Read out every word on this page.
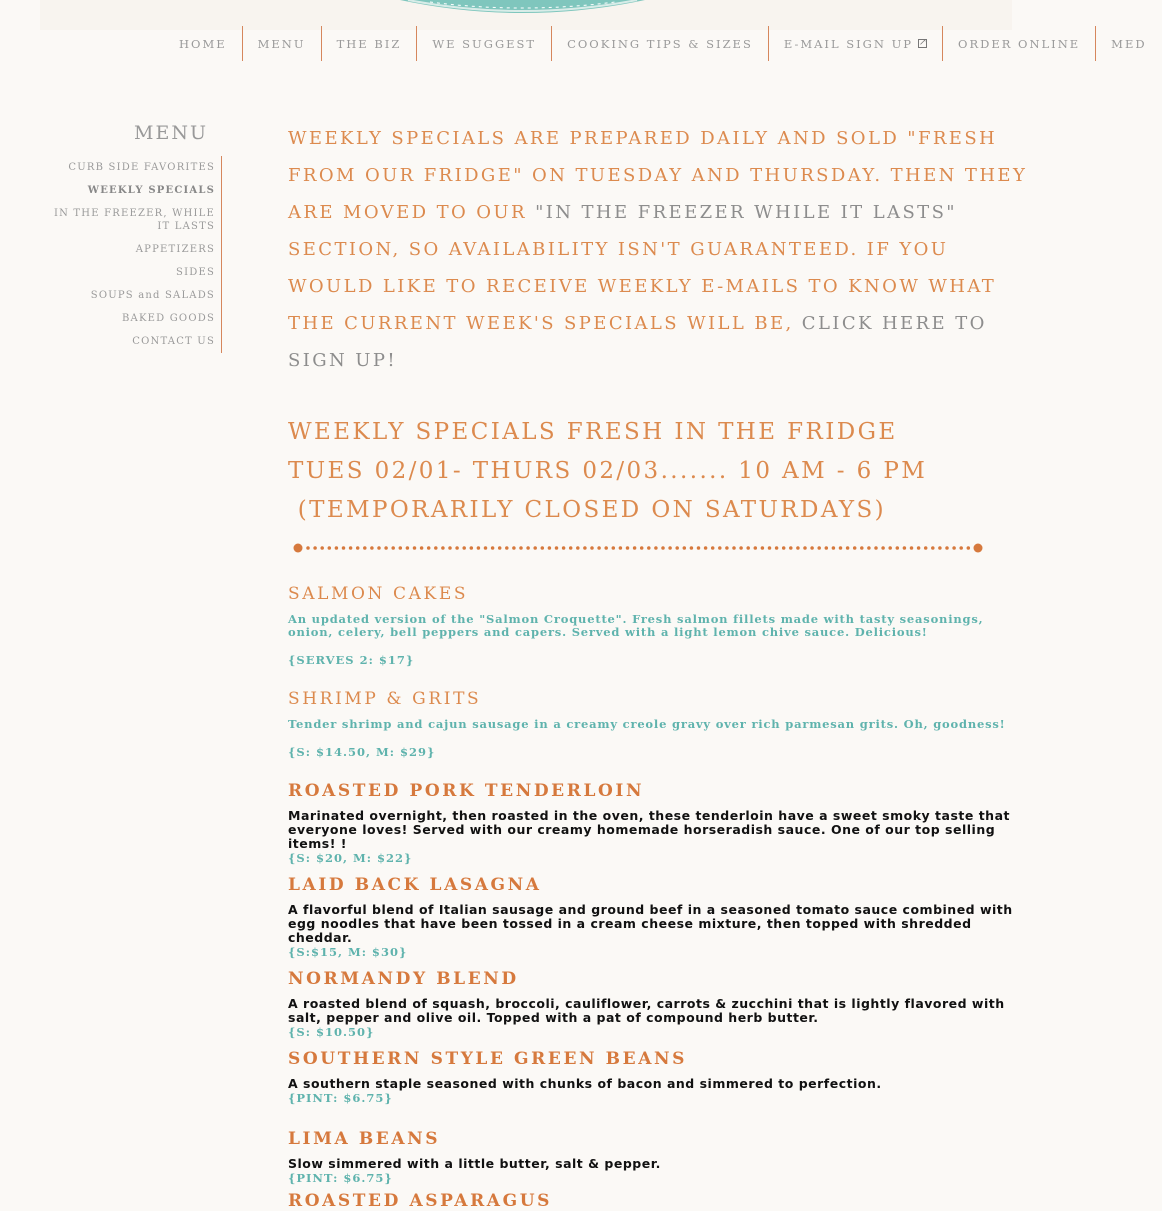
HOME	MENU	THE BIZ	WE SUGGEST	COOKING TIPS & SIZES	E-MAIL SIGN UP ↗	ORDER ONLINE	MED
MENU
CURB SIDE FAVORITES
WEEKLY SPECIALS
IN THE FREEZER, WHILE IT LASTS
APPETIZERS
SIDES
SOUPS and SALADS
BAKED GOODS
CONTACT US

WEEKLY SPECIALS ARE PREPARED DAILY AND SOLD "FRESH FROM OUR FRIDGE" ON TUESDAY AND THURSDAY. THEN THEY ARE MOVED TO OUR "IN THE FREEZER WHILE IT LASTS" SECTION, SO AVAILABILITY ISN'T GUARANTEED. IF YOU WOULD LIKE TO RECEIVE WEEKLY E-MAILS TO KNOW WHAT THE CURRENT WEEK'S SPECIALS WILL BE, CLICK HERE TO SIGN UP!

WEEKLY SPECIALS FRESH IN THE FRIDGE
TUES 02/01- THURS 02/03....... 10 AM - 6 PM
(TEMPORARILY CLOSED ON SATURDAYS)
SALMON CAKES

An updated version of the "Salmon Croquette". Fresh salmon fillets made with tasty seasonings, onion, celery, bell peppers and capers. Served with a light lemon chive sauce. Delicious!

{SERVES 2: $17}

SHRIMP & GRITS

Tender shrimp and cajun sausage in a creamy creole gravy over rich parmesan grits. Oh, goodness!

{S: $14.50, M: $29}

ROASTED PORK TENDERLOIN

Marinated overnight, then roasted in the oven, these tenderloin have a sweet smoky taste that everyone loves! Served with our creamy homemade horseradish sauce. One of our top selling items! !

{S: $20, M: $22}

LAID BACK LASAGNA

A flavorful blend of Italian sausage and ground beef in a seasoned tomato sauce combined with egg noodles that have been tossed in a cream cheese mixture, then topped with shredded cheddar.

{S:$15, M: $30}

NORMANDY BLEND

A roasted blend of squash, broccoli, cauliflower, carrots & zucchini that is lightly flavored with salt, pepper and olive oil. Topped with a pat of compound herb butter.

{S: $10.50}

SOUTHERN STYLE GREEN BEANS

A southern staple seasoned with chunks of bacon and simmered to perfection.

{PINT: $6.75}

LIMA BEANS

Slow simmered with a little butter, salt & pepper.

{PINT: $6.75}

ROASTED ASPARAGUS
